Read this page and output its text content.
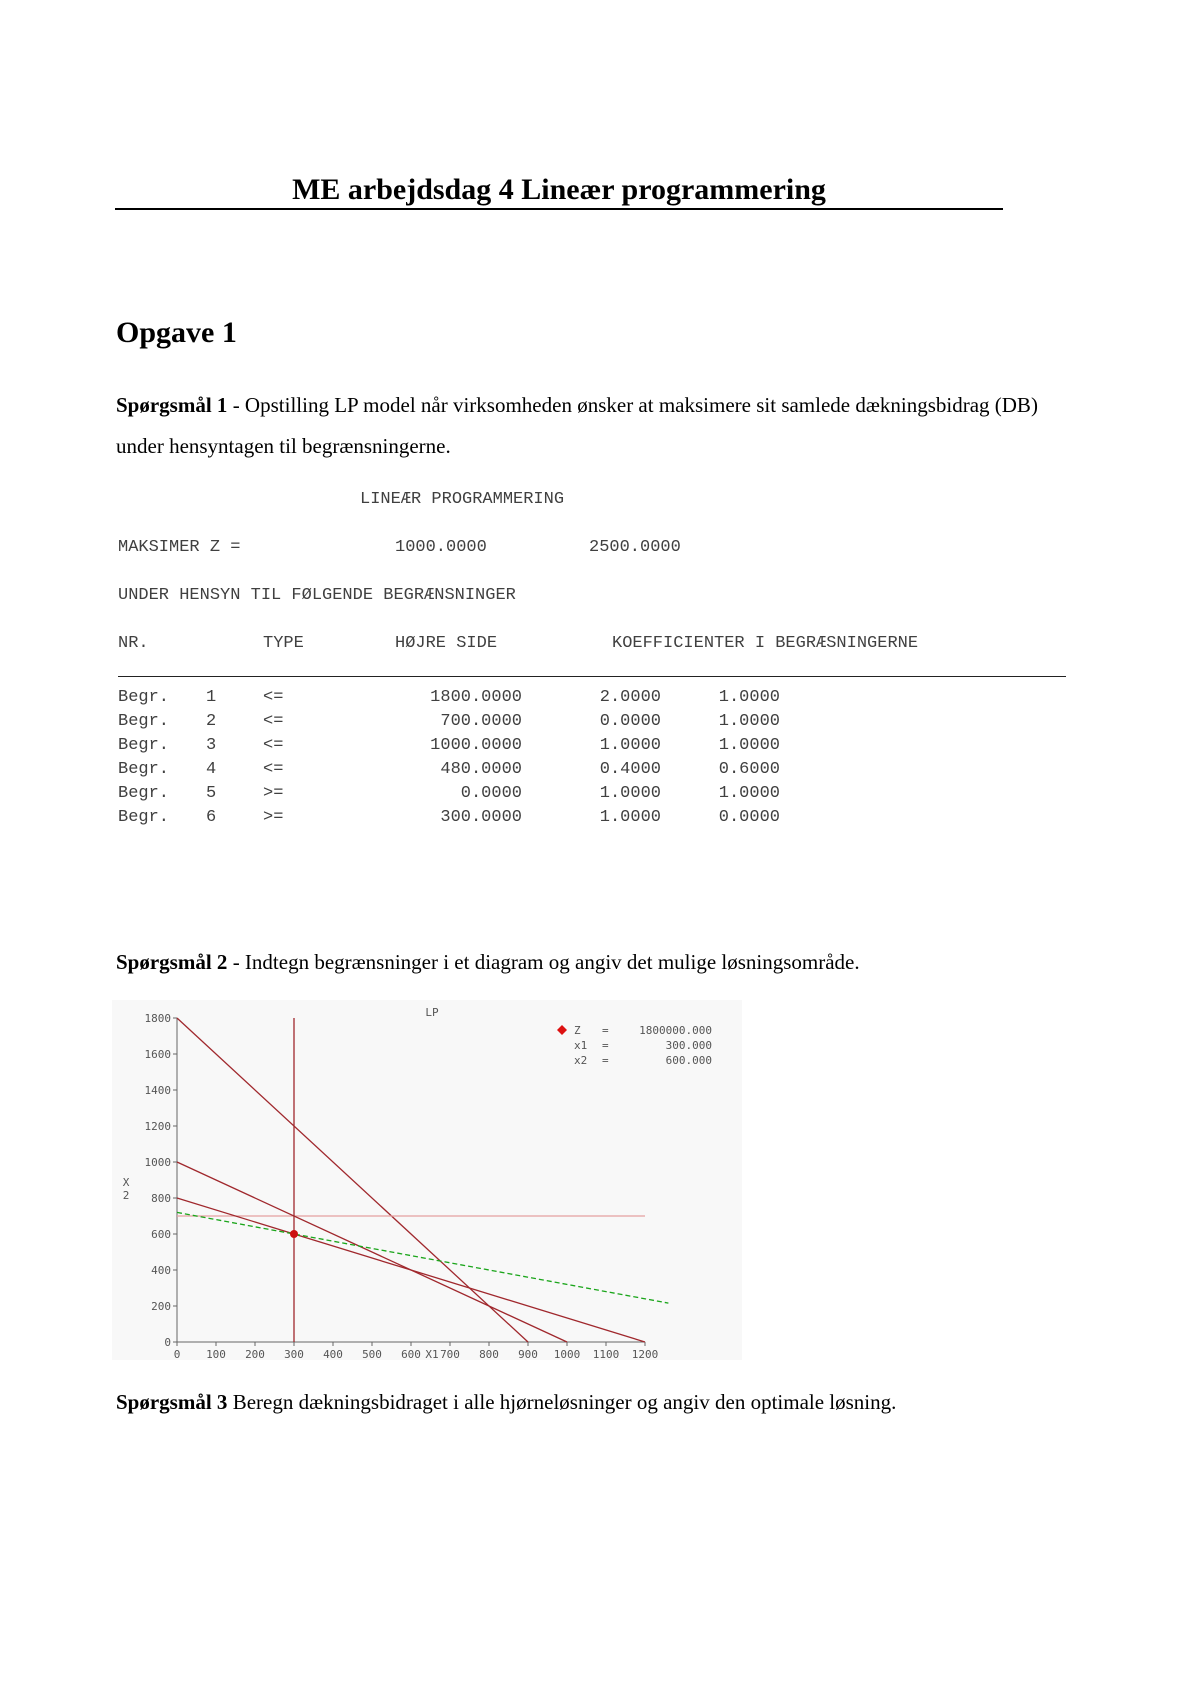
ME arbejdsdag 4 Lineær programmering
Opgave 1

Spørgsmål 1 - Opstilling LP model når virksomheden ønsker at maksimere sit samlede dækningsbidrag (DB) under hensyntagen til begrænsningerne.

LINEÆR PROGRAMMERING
MAKSIMER Z =	1000.0000	2500.0000
UNDER HENSYN TIL FØLGENDE BEGRÆNSNINGER
NR.	TYPE	HØJRE SIDE	KOEFFICIENTER I BEGRÆSNINGERNE
Begr.	1	<=	1800.0000	2.0000	1.0000
Begr.	2	<=	700.0000	0.0000	1.0000
Begr.	3	<=	1000.0000	1.0000	1.0000
Begr.	4	<=	480.0000	0.4000	0.6000
Begr.	5	>=	0.0000	1.0000	1.0000
Begr.	6	>=	300.0000	1.0000	0.0000

Spørgsmål 2 - Indtegn begrænsninger i et diagram og angiv det mulige løsningsområde.

0 100 200 300 400 500 600 700 800 900 1000 1100 1200
0
200
400
600
800
1000
1200
1400
1600
1800	LP
X1
X
2
Z =	1800000.000
x1 =	300.000
x2 =	600.000

Spørgsmål 3 Beregn dækningsbidraget i alle hjørneløsninger og angiv den optimale løsning.
